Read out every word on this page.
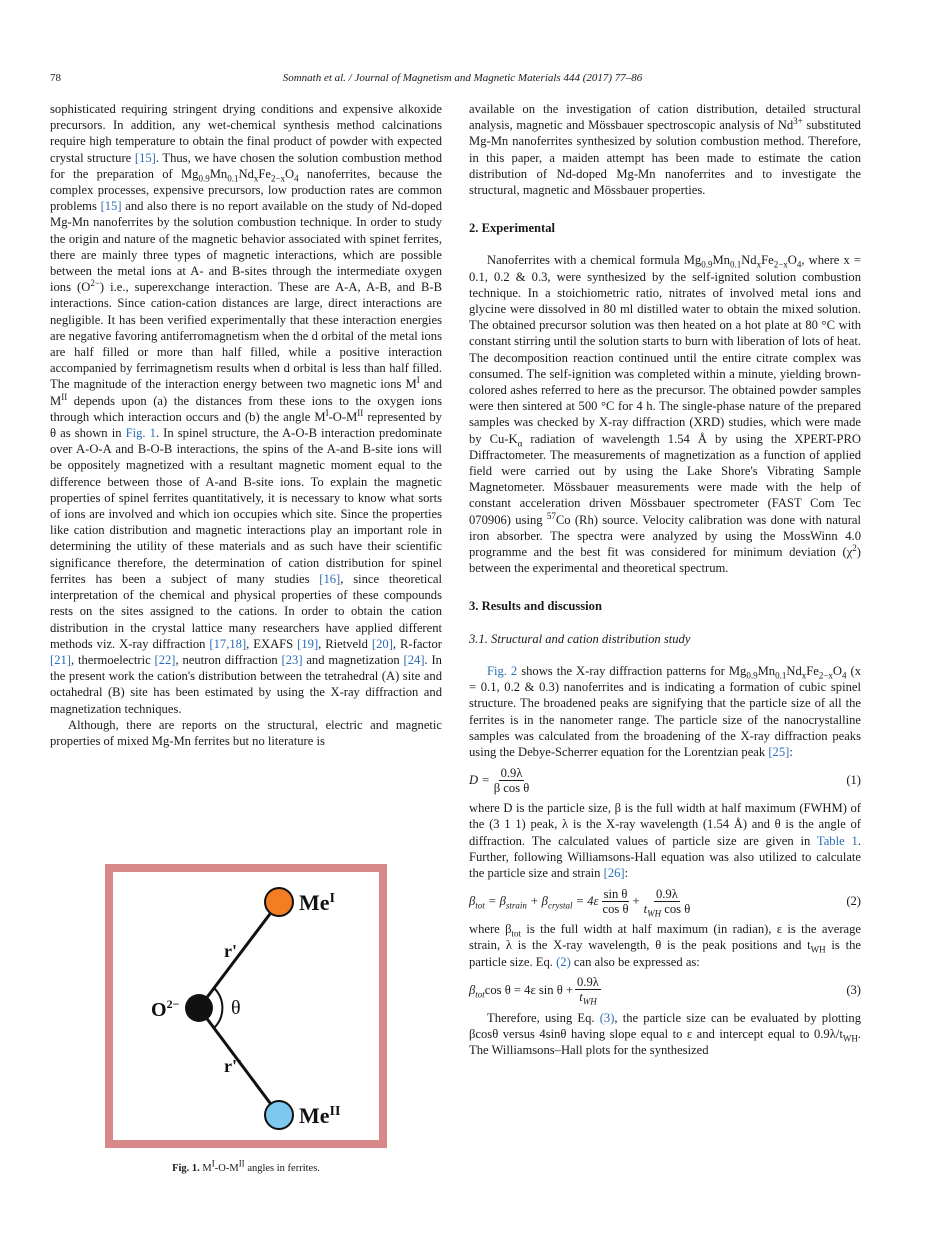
78	Somnath et al. / Journal of Magnetism and Magnetic Materials 444 (2017) 77–86

sophisticated requiring stringent drying conditions and expensive alkoxide precursors. In addition, any wet-chemical synthesis method calcinations require high temperature to obtain the final product of powder with expected crystal structure [15]. Thus, we have chosen the solution combustion method for the preparation of $Mg_{0.9}Mn_{0.1}Nd_xFe_{2-x}O_4$ nanoferrites, because the complex processes, expensive precursors, low production rates are common problems [15] and also there is no report available on the study of Nd-doped Mg-Mn nanoferrites by the solution combustion technique. In order to study the origin and nature of the magnetic behavior associated with spinet ferrites, there are mainly three types of magnetic interactions, which are possible between the metal ions at A- and B-sites through the intermediate oxygen ions $(O^{2-})$ i.e., superexchange interaction. These are A-A, A-B, and B-B interactions. Since cation-cation distances are large, direct interactions are negligible. It has been verified experimentally that these interaction energies are negative favoring antiferromagnetism when the d orbital of the metal ions are half filled or more than half filled, while a positive interaction accompanied by ferrimagnetism results when d orbital is less than half filled. The magnitude of the interaction energy between two magnetic ions $M^I$ and $M^{II}$ depends upon (a) the distances from these ions to the oxygen ions through which interaction occurs and (b) the angle $M^I-O-M^{II}$ represented by θ as shown in Fig. 1. In spinel structure, the A-O-B interaction predominate over A-O-A and B-O-B interactions, the spins of the A-and B-site ions will be oppositely magnetized with a resultant magnetic moment equal to the difference between those of A-and B-site ions. To explain the magnetic properties of spinel ferrites quantitatively, it is necessary to know what sorts of ions are involved and which ion occupies which site. Since the properties like cation distribution and magnetic interactions play an important role in determining the utility of these materials and as such have their scientific significance therefore, the determination of cation distribution for spinel ferrites has been a subject of many studies [16], since theoretical interpretation of the chemical and physical properties of these compounds rests on the sites assigned to the cations. In order to obtain the cation distribution in the crystal lattice many researchers have applied different methods viz. X-ray diffraction [17,18], EXAFS [19], Rietveld [20], R-factor [21], thermoelectric [22], neutron diffraction [23] and magnetization [24]. In the present work the cation's distribution between the tetrahedral (A) site and octahedral (B) site has been estimated by using the X-ray diffraction and magnetization techniques.

Although, there are reports on the structural, electric and magnetic properties of mixed Mg-Mn ferrites but no literature is

$Me^I$
$Me^{II}$
$O^{2-}$	θ
r'
r''
Fig. 1. $M^I-O-M^{II}$ angles in ferrites.

available on the investigation of cation distribution, detailed structural analysis, magnetic and Mössbauer spectroscopic analysis of $Nd^{3+}$ substituted Mg-Mn nanoferrites synthesized by solution combustion method. Therefore, in this paper, a maiden attempt has been made to estimate the cation distribution of Nd-doped Mg-Mn nanoferrites and to investigate the structural, magnetic and Mössbauer properties.

2. Experimental

Nanoferrites with a chemical formula $Mg_{0.9}Mn_{0.1}Nd_xFe_{2-x}O_4$, where x = 0.1, 0.2 & 0.3, were synthesized by the self-ignited solution combustion technique. In a stoichiometric ratio, nitrates of involved metal ions and glycine were dissolved in 80 ml distilled water to obtain the mixed solution. The obtained precursor solution was then heated on a hot plate at 80 °C with constant stirring until the solution starts to burn with liberation of lots of heat. The decomposition reaction continued until the entire citrate complex was consumed. The self-ignition was completed within a minute, yielding brown-colored ashes referred to here as the precursor. The obtained powder samples were then sintered at 500 °C for 4 h. The single-phase nature of the prepared samples was checked by X-ray diffraction (XRD) studies, which were made by $Cu-K_\alpha$ radiation of wavelength 1.54 Å by using the XPERT-PRO Diffractometer. The measurements of magnetization as a function of applied field were carried out by using the Lake Shore's Vibrating Sample Magnetometer. Mössbauer measurements were made with the help of constant acceleration driven Mössbauer spectrometer (FAST Com Tec 070906) using $^{57}$Co (Rh) source. Velocity calibration was done with natural iron absorber. The spectra were analyzed by using the MossWinn 4.0 programme and the best fit was considered for minimum deviation $(\chi^2)$ between the experimental and theoretical spectrum.

3. Results and discussion

3.1. Structural and cation distribution study

Fig. 2 shows the X-ray diffraction patterns for $Mg_{0.9}Mn_{0.1}Nd_xFe_{2-x}O_4$ (x = 0.1, 0.2 & 0.3) nanoferrites and is indicating a formation of cubic spinel structure. The broadened peaks are signifying that the particle size of all the ferrites is in the nanometer range. The particle size of the nanocrystalline samples was calculated from the broadening of the X-ray diffraction peaks using the Debye-Scherrer equation for the Lorentzian peak [25]:

$D = \frac{0.9\lambda}{\text{β cos θ}}$	(1)

where D is the particle size, β is the full width at half maximum (FWHM) of the (3 1 1) peak, λ is the X-ray wavelength (1.54 Å) and θ is the angle of diffraction. The calculated values of particle size are given in Table 1. Further, following Williamsons-Hall equation was also utilized to calculate the particle size and strain [26]:

$\beta_{tot} = \beta_{strain} + \beta_{crystal} = 4\varepsilon \frac{\text{sin θ}}{\text{cos θ}} + \frac{0.9\lambda}{t_{WH} \cos \theta}$	(2)

where $\beta_{tot}$ is the full width at half maximum (in radian), ε is the average strain, λ is the X-ray wavelength, θ is the peak positions and $t_{WH}$ is the particle size. Eq. (2) can also be expressed as:

$\beta_{tot}$ cos θ = 4ε $\sin \theta + \frac{0.9\lambda}{t_{WH}}$	(3)

Therefore, using Eq. (3), the particle size can be evaluated by plotting βcosθ versus 4sinθ having slope equal to ε and intercept equal to $0.9\lambda/t_{WH}$. The Williamsons–Hall plots for the synthesized
